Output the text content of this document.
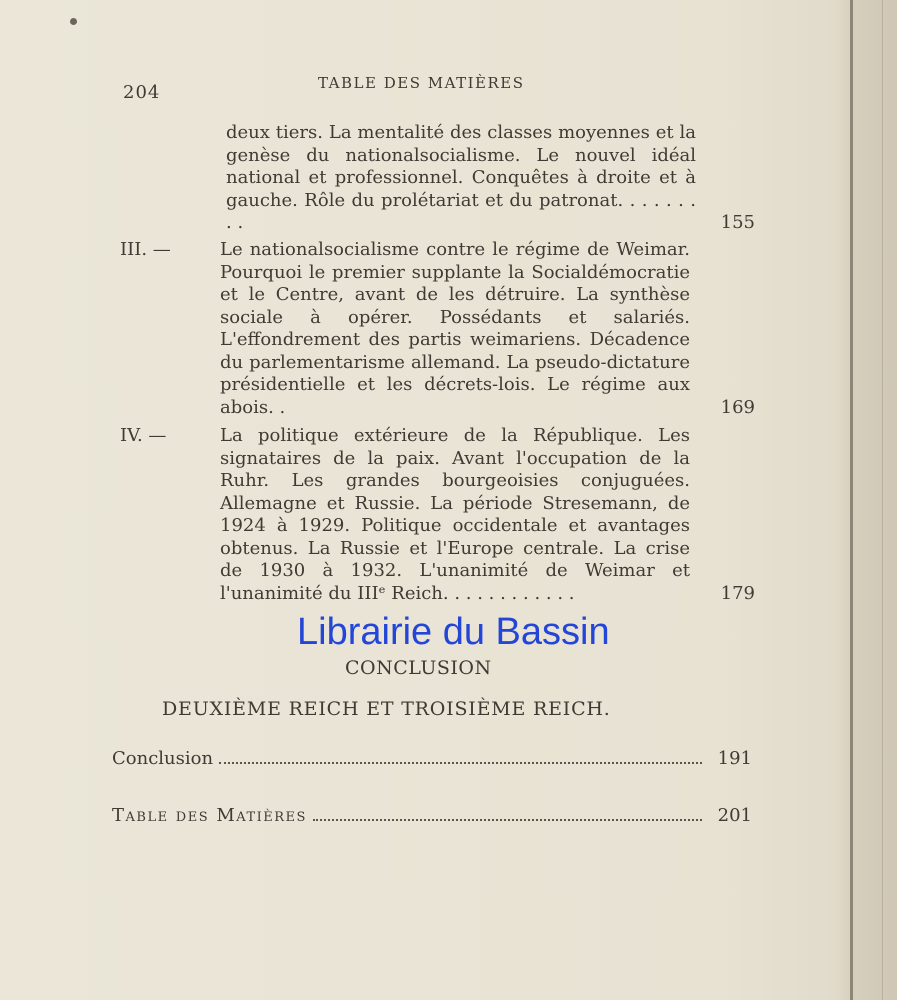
204	TABLE DES MATIÈRES
deux tiers. La mentalité des classes moyennes et la genèse du nationalsocialisme. Le nouvel idéal national et professionnel. Conquêtes à droite et à gauche. Rôle du prolétariat et du patronat. . . . . . . . .	155
III. —	Le nationalsocialisme contre le régime de Weimar. Pourquoi le premier supplante la Socialdémocratie et le Centre, avant de les détruire. La synthèse sociale à opérer. Possédants et salariés. L'effondrement des partis weimariens. Décadence du parlementarisme allemand. La pseudo-dictature présidentielle et les décrets-lois. Le régime aux abois. .	169
IV. —	La politique extérieure de la République. Les signataires de la paix. Avant l'occupation de la Ruhr. Les grandes bourgeoisies conjuguées. Allemagne et Russie. La période Stresemann, de 1924 à 1929. Politique occidentale et avantages obtenus. La Russie et l'Europe centrale. La crise de 1930 à 1932. L'unanimité de Weimar et l'unanimité du IIIᵉ Reich. . . . . . . . . . . .	179
CONCLUSION
DEUXIÈME REICH ET TROISIÈME REICH.
Conclusion	191
Table des Matières	201
Librairie du Bassin
